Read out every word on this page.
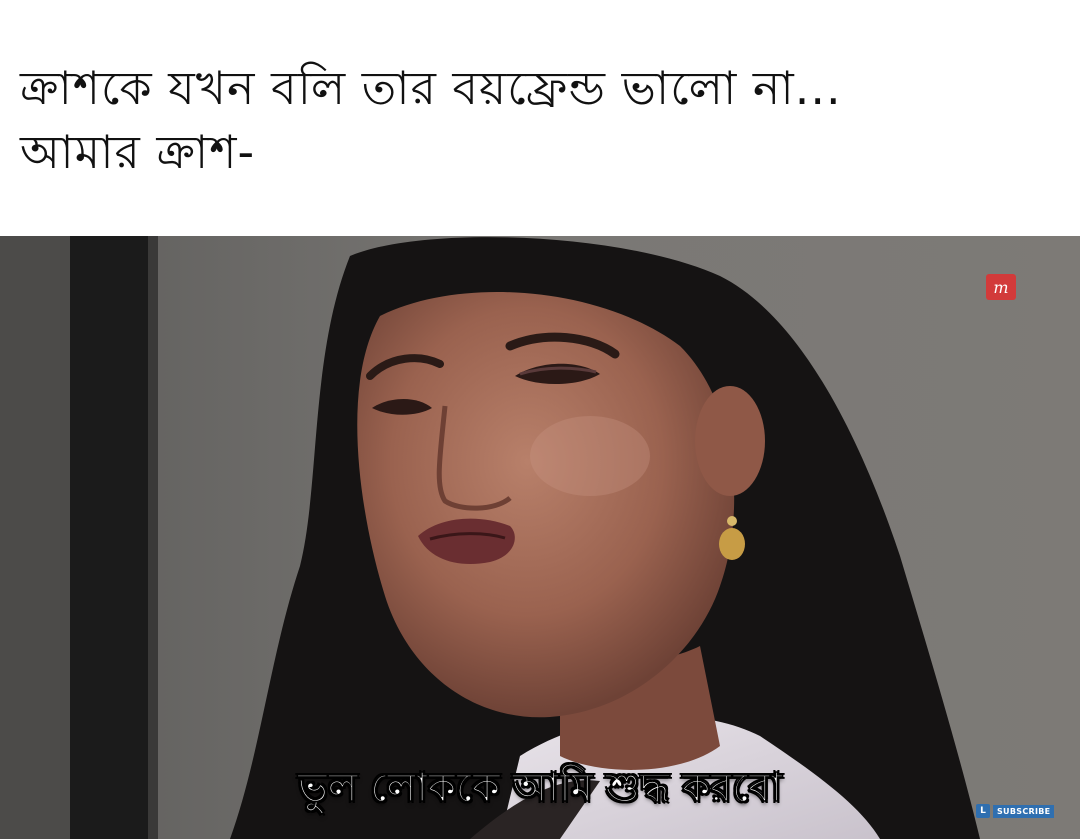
ক্রাশকে যখন বলি তার বয়ফ্রেন্ড ভালো না...
আমার ক্রাশ-
m
ভুল লোককে আমি শুদ্ধ করবো	L	SUBSCRIBE
